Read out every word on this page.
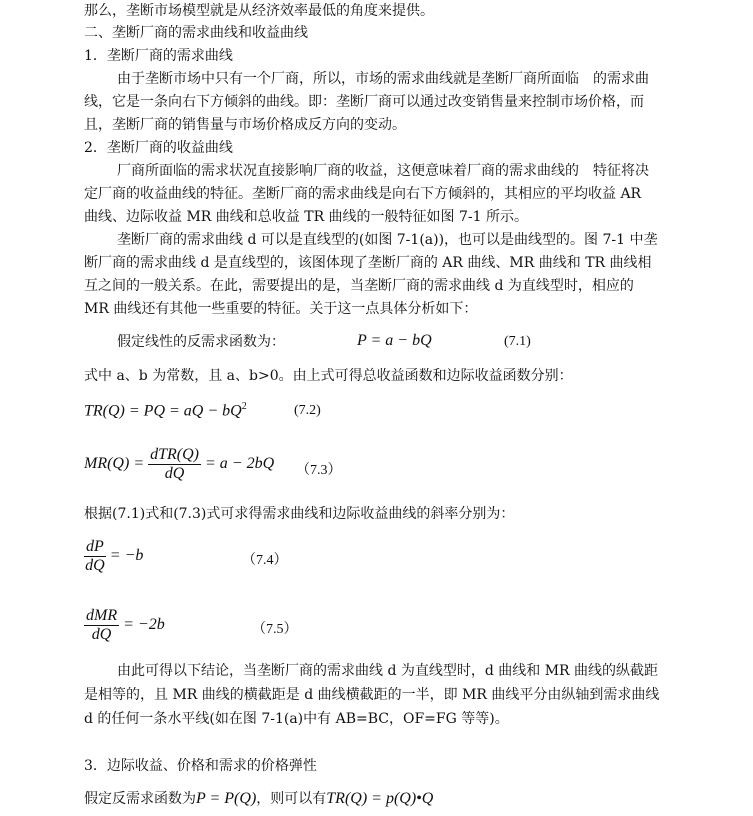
那么，垄断市场模型就是从经济效率最低的角度来提供。
二、垄断厂商的需求曲线和收益曲线
1．垄断厂商的需求曲线
由于垄断市场中只有一个厂商，所以，市场的需求曲线就是垄断厂商所面临　的需求曲
线，它是一条向右下方倾斜的曲线。即：垄断厂商可以通过改变销售量来控制市场价格，而
且，垄断厂商的销售量与市场价格成反方向的变动。
2．垄断厂商的收益曲线
厂商所面临的需求状况直接影响厂商的收益，这便意味着厂商的需求曲线的　特征将决
定厂商的收益曲线的特征。垄断厂商的需求曲线是向右下方倾斜的，其相应的平均收益 AR
曲线、边际收益 MR 曲线和总收益 TR 曲线的一般特征如图 7-1 所示。
垄断厂商的需求曲线 d 可以是直线型的(如图 7-1(a))，也可以是曲线型的。图 7-1 中垄
断厂商的需求曲线 d 是直线型的，该图体现了垄断厂商的 AR 曲线、MR 曲线和 TR 曲线相
互之间的一般关系。在此，需要提出的是，当垄断厂商的需求曲线 d 为直线型时，相应的
MR 曲线还有其他一些重要的特征。关于这一点具体分析如下：
假定线性的反需求函数为：	P = a − bQ	(7.1)
式中 a、b 为常数，且 a、b>0。由上式可得总收益函数和边际收益函数分别：
TR(Q) = PQ = aQ − $bQ^2$	(7.2)
$MR(Q) = \frac{\text{dTR(Q)}}{dQ} = a - 2bQ$ （7.3）
根据(7.1)式和(7.3)式可求得需求曲线和边际收益曲线的斜率分别为：
$\frac{dP}{dQ} = -b$	（7.4）
$\frac{\text{dMR}}{dQ} = -2b$	（7.5）
由此可得以下结论，当垄断厂商的需求曲线 d 为直线型时，d 曲线和 MR 曲线的纵截距
是相等的，且 MR 曲线的横截距是 d 曲线横截距的一半，即 MR 曲线平分由纵轴到需求曲线
d 的任何一条水平线(如在图 7-1(a)中有 AB=BC，OF=FG 等等)。
3．边际收益、价格和需求的价格弹性
假定反需求函数为P = P(Q)，则可以有TR(Q) = p(Q)•Q
